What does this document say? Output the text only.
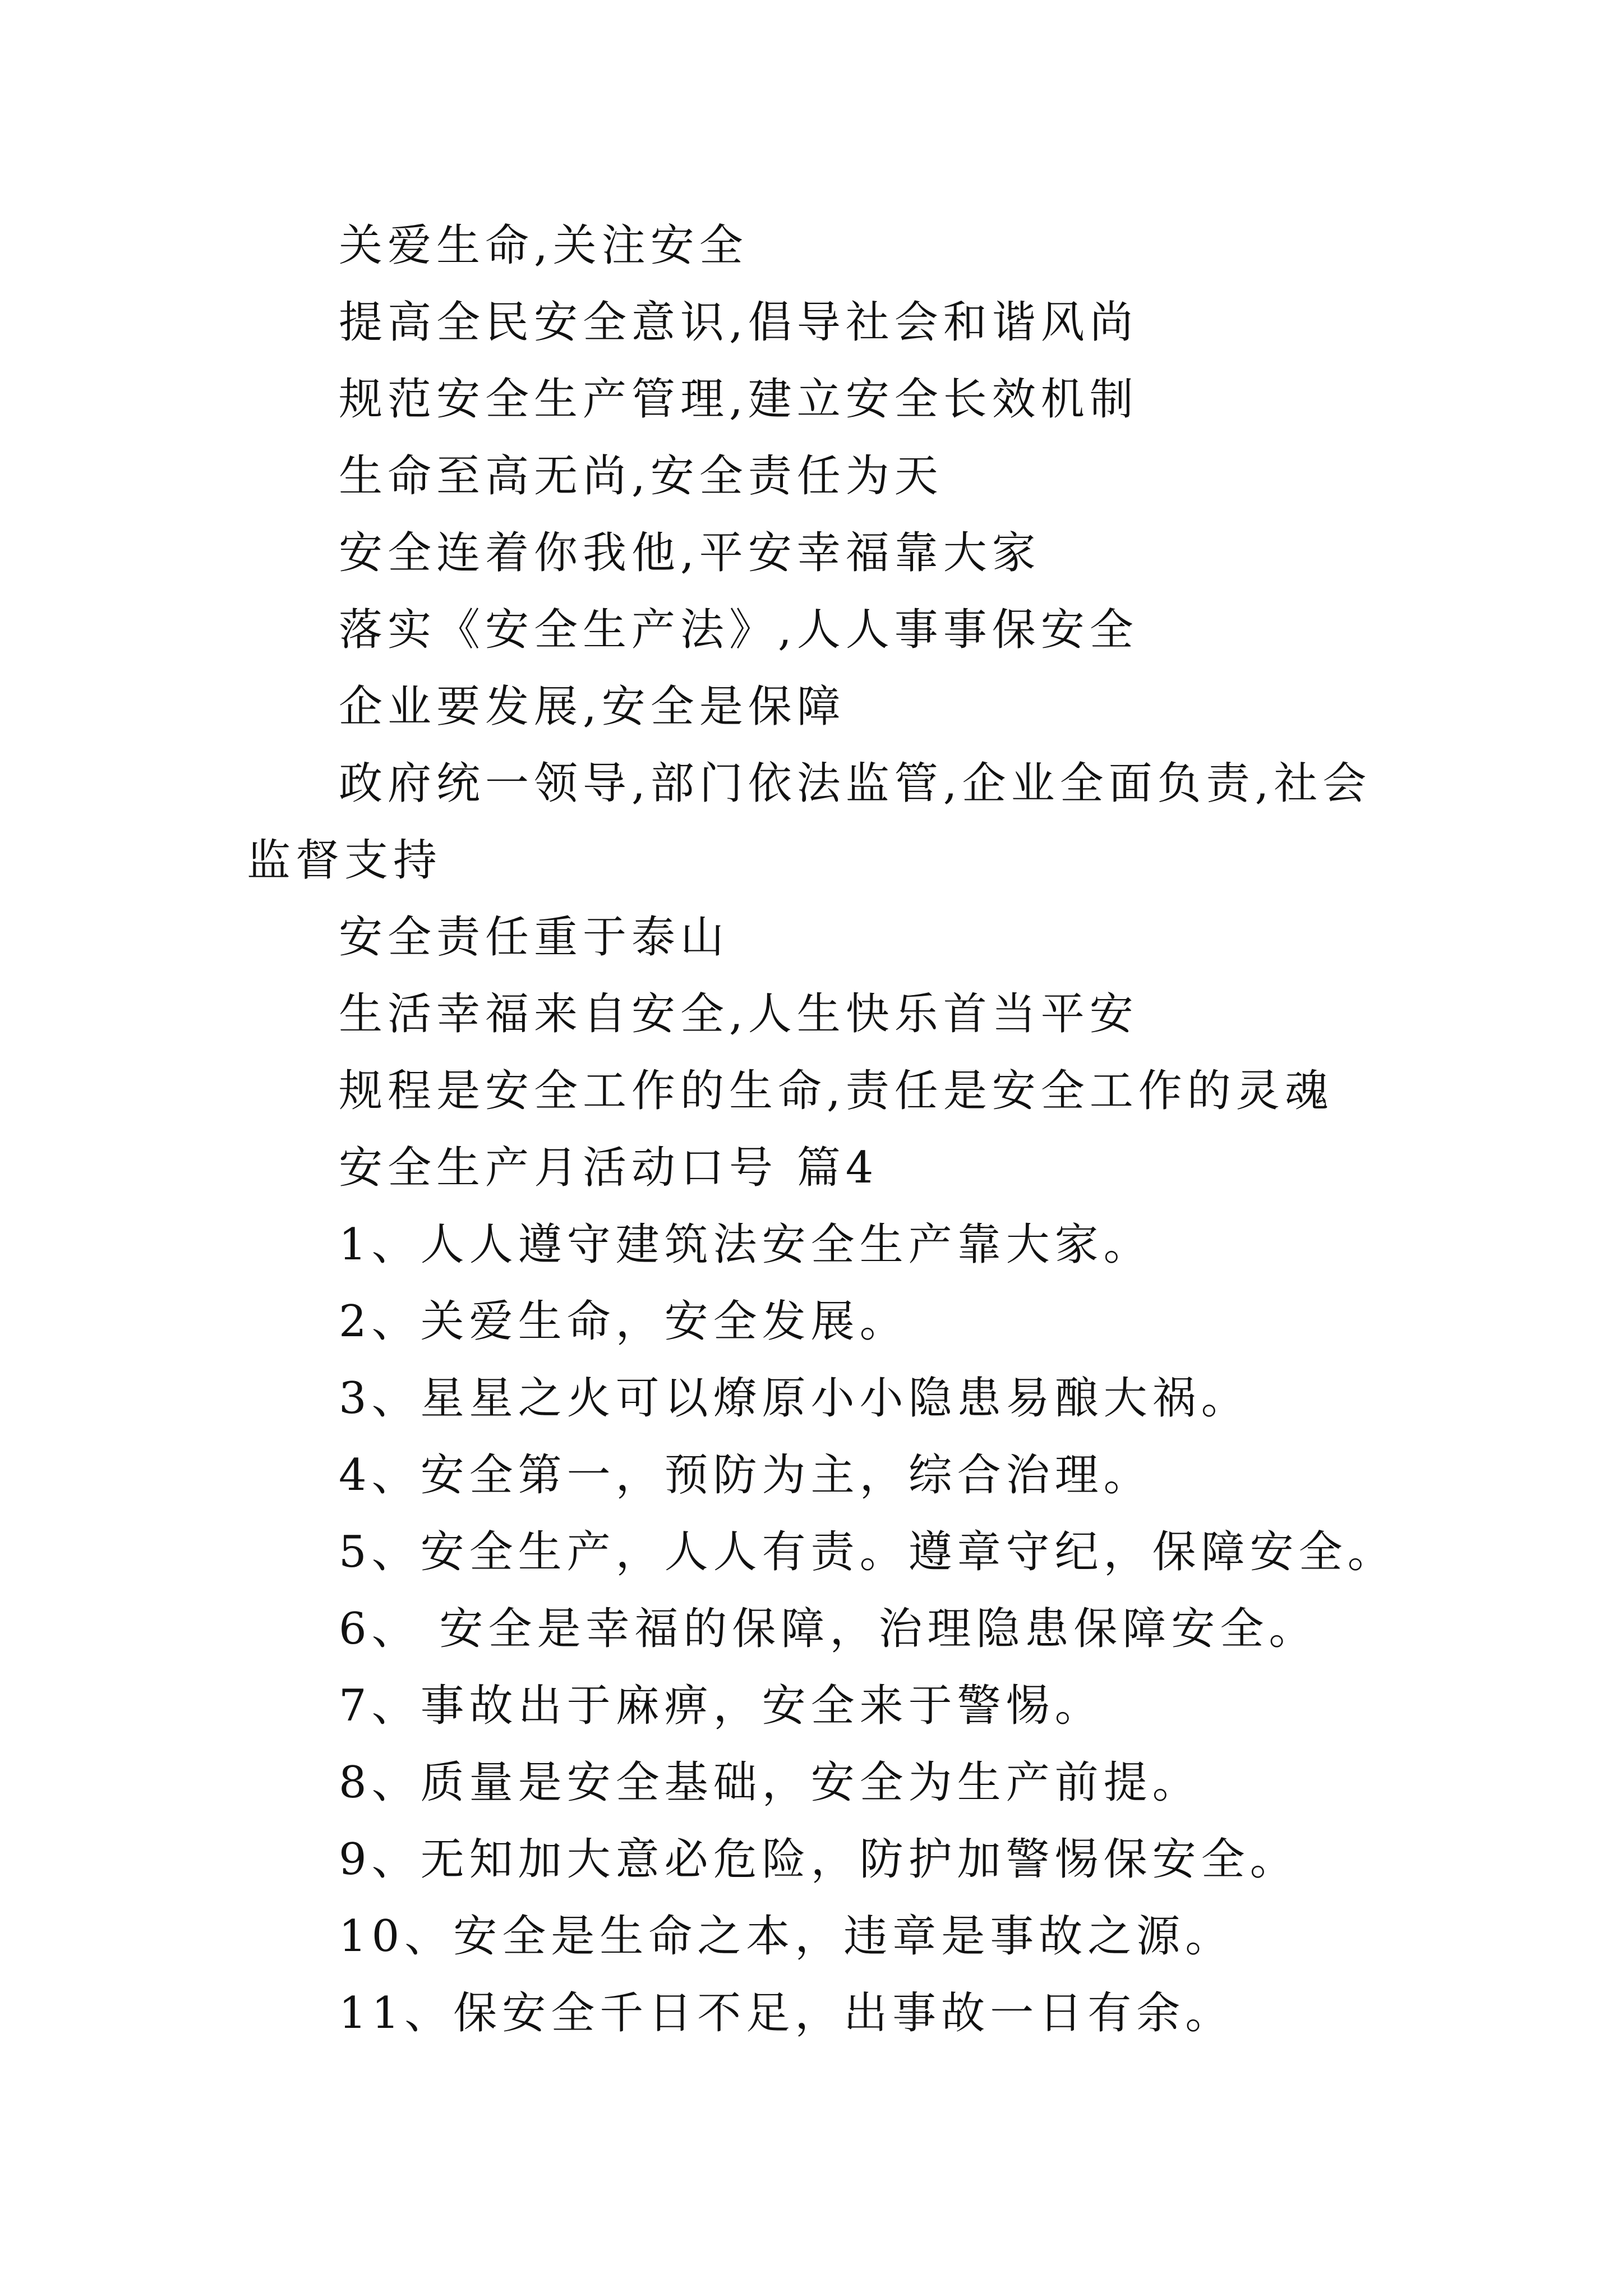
关爱生命,关注安全

提高全民安全意识,倡导社会和谐风尚

规范安全生产管理,建立安全长效机制

生命至高无尚,安全责任为天

安全连着你我他,平安幸福靠大家

落实《安全生产法》,人人事事保安全

企业要发展,安全是保障

政府统一领导,部门依法监管,企业全面负责,社会监督支持

安全责任重于泰山

生活幸福来自安全,人生快乐首当平安

规程是安全工作的生命,责任是安全工作的灵魂

安全生产月活动口号 篇4

1、人人遵守建筑法安全生产靠大家。

2、关爱生命，安全发展。

3、星星之火可以燎原小小隐患易酿大祸。

4、安全第一，预防为主，综合治理。

5、安全生产，人人有责。遵章守纪，保障安全。

6、 安全是幸福的保障，治理隐患保障安全。

7、事故出于麻痹，安全来于警惕。

8、质量是安全基础，安全为生产前提。

9、无知加大意必危险，防护加警惕保安全。

10、安全是生命之本，违章是事故之源。

11、保安全千日不足，出事故一日有余。
